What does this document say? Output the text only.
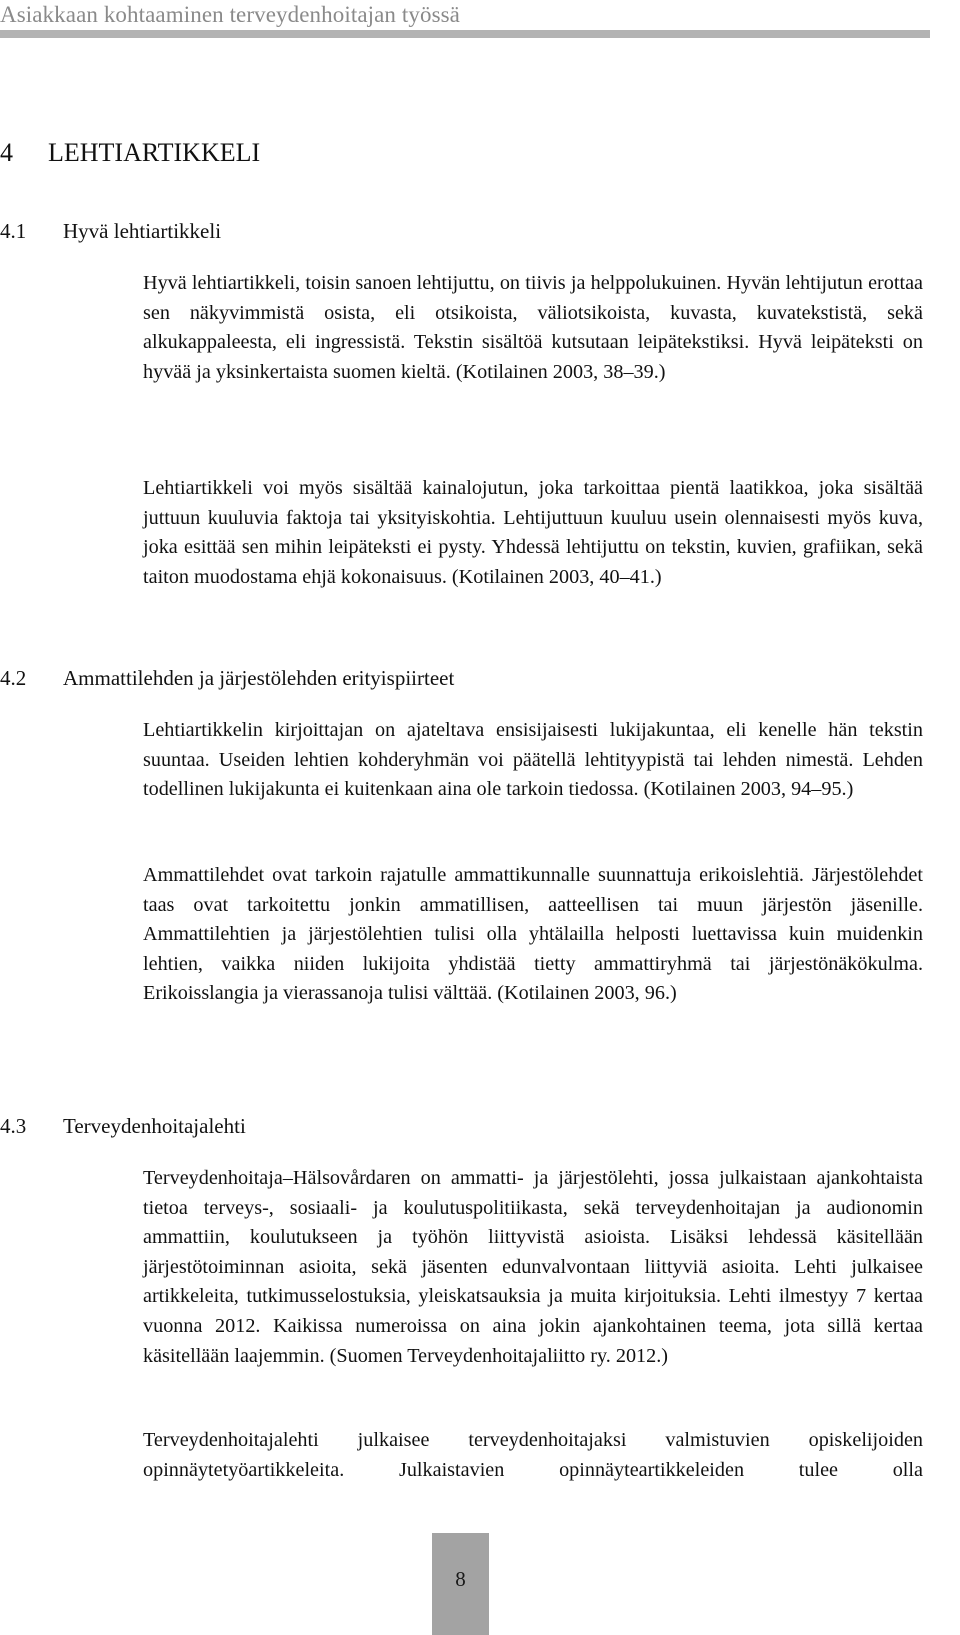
Asiakkaan kohtaaminen terveydenhoitajan työssä
4 LEHTIARTIKKELI
4.1 Hyvä lehtiartikkeli

Hyvä lehtiartikkeli, toisin sanoen lehtijuttu, on tiivis ja helppolukuinen. Hyvän lehtijutun erottaa sen näkyvimmistä osista, eli otsikoista, väliotsikoista, kuvasta, kuvatekstistä, sekä alkukappaleesta, eli ingressistä. Tekstin sisältöä kutsutaan leipätekstiksi. Hyvä leipäteksti on hyvää ja yksinkertaista suomen kieltä. (Kotilainen 2003, 38–39.)

Lehtiartikkeli voi myös sisältää kainalojutun, joka tarkoittaa pientä laatikkoa, joka sisältää juttuun kuuluvia faktoja tai yksityiskohtia. Lehtijuttuun kuuluu usein olennaisesti myös kuva, joka esittää sen mihin leipäteksti ei pysty. Yhdessä lehtijuttu on tekstin, kuvien, grafiikan, sekä taiton muodostama ehjä kokonaisuus. (Kotilainen 2003, 40–41.)

4.2 Ammattilehden ja järjestölehden erityispiirteet

Lehtiartikkelin kirjoittajan on ajateltava ensisijaisesti lukijakuntaa, eli kenelle hän tekstin suuntaa. Useiden lehtien kohderyhmän voi päätellä lehtityypistä tai lehden nimestä. Lehden todellinen lukijakunta ei kuitenkaan aina ole tarkoin tiedossa. (Kotilainen 2003, 94–95.)

Ammattilehdet ovat tarkoin rajatulle ammattikunnalle suunnattuja erikoislehtiä. Järjestölehdet taas ovat tarkoitettu jonkin ammatillisen, aatteellisen tai muun järjestön jäsenille. Ammattilehtien ja järjestölehtien tulisi olla yhtälailla helposti luettavissa kuin muidenkin lehtien, vaikka niiden lukijoita yhdistää tietty ammattiryhmä tai järjestönäkökulma. Erikoisslangia ja vierassanoja tulisi välttää. (Kotilainen 2003, 96.)

4.3 Terveydenhoitajalehti

Terveydenhoitaja–Hälsovårdaren on ammatti- ja järjestölehti, jossa julkaistaan ajankohtaista tietoa terveys-, sosiaali- ja koulutuspolitiikasta, sekä terveydenhoitajan ja audionomin ammattiin, koulutukseen ja työhön liittyvistä asioista. Lisäksi lehdessä käsitellään järjestötoiminnan asioita, sekä jäsenten edunvalvontaan liittyviä asioita. Lehti julkaisee artikkeleita, tutkimusselostuksia, yleiskatsauksia ja muita kirjoituksia. Lehti ilmestyy 7 kertaa vuonna 2012. Kaikissa numeroissa on aina jokin ajankohtainen teema, jota sillä kertaa käsitellään laajemmin. (Suomen Terveydenhoitajaliitto ry. 2012.)

Terveydenhoitajalehti julkaisee terveydenhoitajaksi valmistuvien opiskelijoiden opinnäytetyöartikkeleita. Julkaistavien opinnäyteartikkeleiden tulee olla

8
